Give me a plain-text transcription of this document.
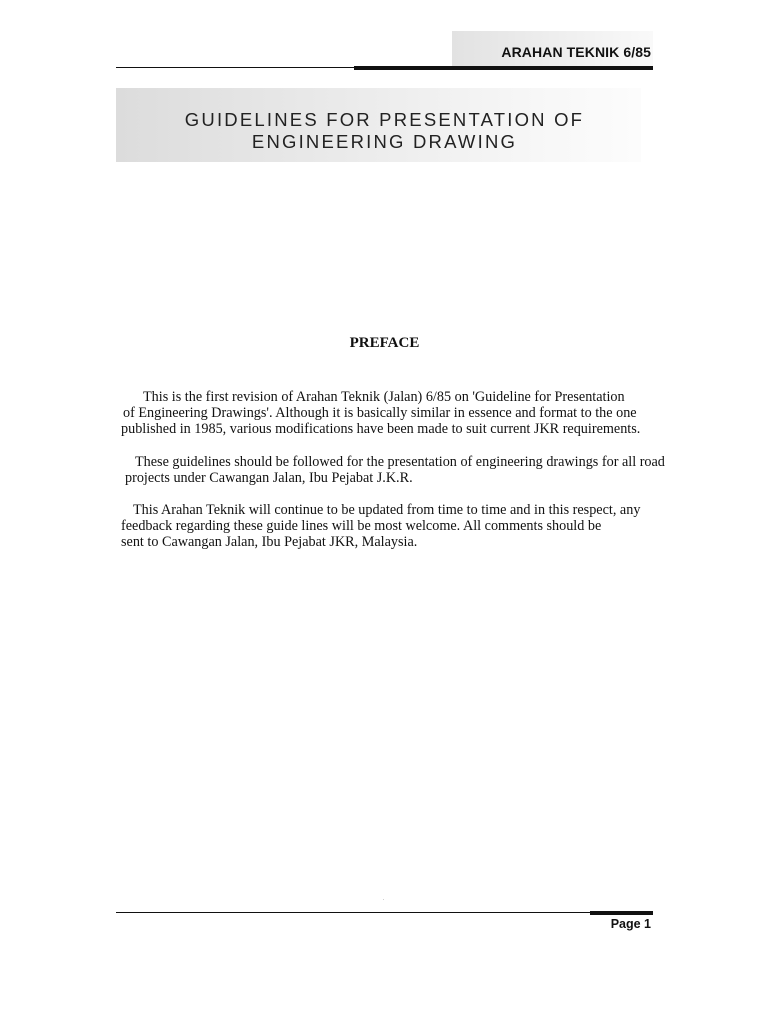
ARAHAN TEKNIK 6/85
GUIDELINES FOR PRESENTATION OF
ENGINEERING DRAWING
PREFACE
This is the first revision of Arahan Teknik (Jalan) 6/85 on 'Guideline for Presentation
of Engineering Drawings'. Although it is basically similar in essence and format to the one
published in 1985, various modifications have been made to suit current JKR requirements.
These guidelines should be followed for the presentation of engineering drawings for all road
projects under Cawangan Jalan, Ibu Pejabat J.K.R.
This Arahan Teknik will continue to be updated from time to time and in this respect, any
feedback regarding these guide lines will be most welcome. All comments should be
sent to Cawangan Jalan, Ibu Pejabat JKR, Malaysia.
Page 1
